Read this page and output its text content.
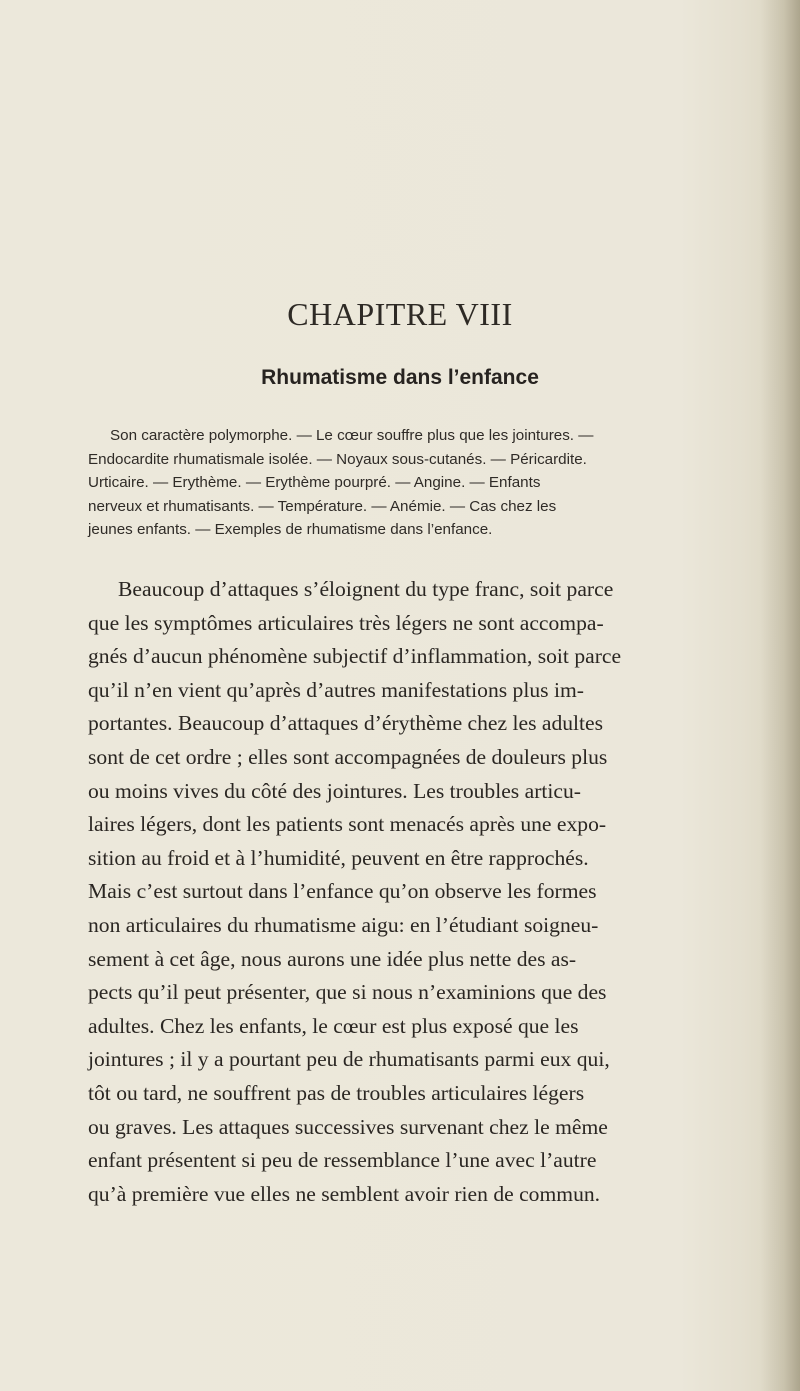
CHAPITRE VIII
Rhumatisme dans l’enfance
Son caractère polymorphe. — Le cœur souffre plus que les jointures. —
Endocardite rhumatismale isolée. — Noyaux sous-cutanés. — Péricardite.
Urticaire. — Erythème. — Erythème pourpré. — Angine. — Enfants
nerveux et rhumatisants. — Température. — Anémie. — Cas chez les
jeunes enfants. — Exemples de rhumatisme dans l’enfance.
Beaucoup d’attaques s’éloignent du type franc, soit parce
que les symptômes articulaires très légers ne sont accompa-
gnés d’aucun phénomène subjectif d’inflammation, soit parce
qu’il n’en vient qu’après d’autres manifestations plus im-
portantes. Beaucoup d’attaques d’érythème chez les adultes
sont de cet ordre ; elles sont accompagnées de douleurs plus
ou moins vives du côté des jointures. Les troubles articu-
laires légers, dont les patients sont menacés après une expo-
sition au froid et à l’humidité, peuvent en être rapprochés.
Mais c’est surtout dans l’enfance qu’on observe les formes
non articulaires du rhumatisme aigu: en l’étudiant soigneu-
sement à cet âge, nous aurons une idée plus nette des as-
pects qu’il peut présenter, que si nous n’examinions que des
adultes. Chez les enfants, le cœur est plus exposé que les
jointures ; il y a pourtant peu de rhumatisants parmi eux qui,
tôt ou tard, ne souffrent pas de troubles articulaires légers
ou graves. Les attaques successives survenant chez le même
enfant présentent si peu de ressemblance l’une avec l’autre
qu’à première vue elles ne semblent avoir rien de commun.
